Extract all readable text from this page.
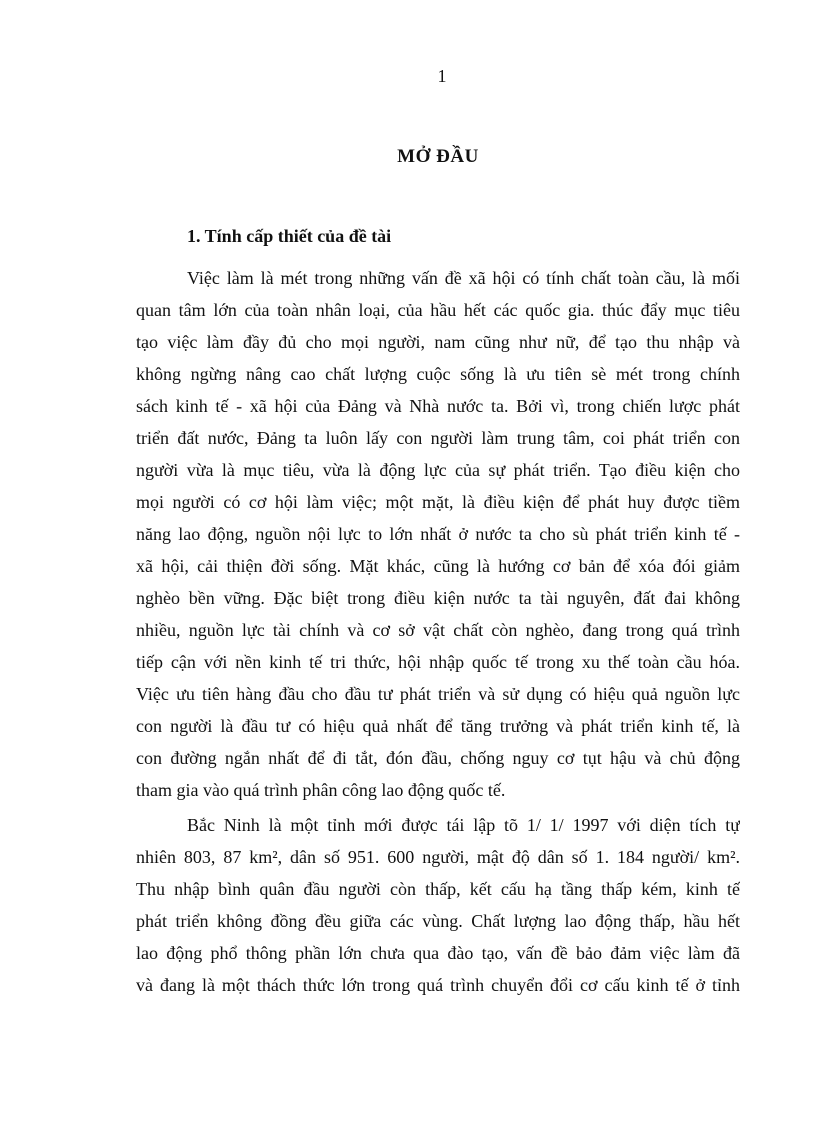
1
MỞ ĐẦU
1. Tính cấp thiết của đề tài
Việc làm là mét trong những vấn đề xã hội có tính chất toàn cầu, là mối
quan tâm lớn của toàn nhân loại, của hầu hết các quốc gia. thúc đẩy mục tiêu
tạo việc làm đầy đủ cho mọi người, nam cũng như nữ, để tạo thu nhập và
không ngừng nâng cao chất lượng cuộc sống là ưu tiên sè mét trong chính
sách kinh tế - xã hội của Đảng và Nhà nước ta. Bởi vì, trong chiến lược phát
triển đất nước, Đảng ta luôn lấy con người làm trung tâm, coi phát triển con
người vừa là mục tiêu, vừa là động lực của sự phát triển. Tạo điều kiện cho
mọi người có cơ hội làm việc; một mặt, là điều kiện để phát huy được tiềm
năng lao động, nguồn nội lực to lớn nhất ở nước ta cho sù phát triển kinh tế -
xã hội, cải thiện đời sống. Mặt khác, cũng là hướng cơ bản để xóa đói giảm
nghèo bền vững. Đặc biệt trong điều kiện nước ta tài nguyên, đất đai không
nhiều, nguồn lực tài chính và cơ sở vật chất còn nghèo, đang trong quá trình
tiếp cận với nền kinh tế tri thức, hội nhập quốc tế trong xu thế toàn cầu hóa.
Việc ưu tiên hàng đầu cho đầu tư phát triển và sử dụng có hiệu quả nguồn lực
con người là đầu tư có hiệu quả nhất để tăng trưởng và phát triển kinh tế, là
con đường ngắn nhất để đi tắt, đón đầu, chống nguy cơ tụt hậu và chủ động
tham gia vào quá trình phân công lao động quốc tế.
Bắc Ninh là một tỉnh mới được tái lập tõ 1/ 1/ 1997 với diện tích tự
nhiên 803, 87 km², dân số 951. 600 người, mật độ dân số 1. 184 người/ km².
Thu nhập bình quân đầu người còn thấp, kết cấu hạ tầng thấp kém, kinh tế
phát triển không đồng đều giữa các vùng. Chất lượng lao động thấp, hầu hết
lao động phổ thông phần lớn chưa qua đào tạo, vấn đề bảo đảm việc làm đã
và đang là một thách thức lớn trong quá trình chuyển đổi cơ cấu kinh tế ở tỉnh
